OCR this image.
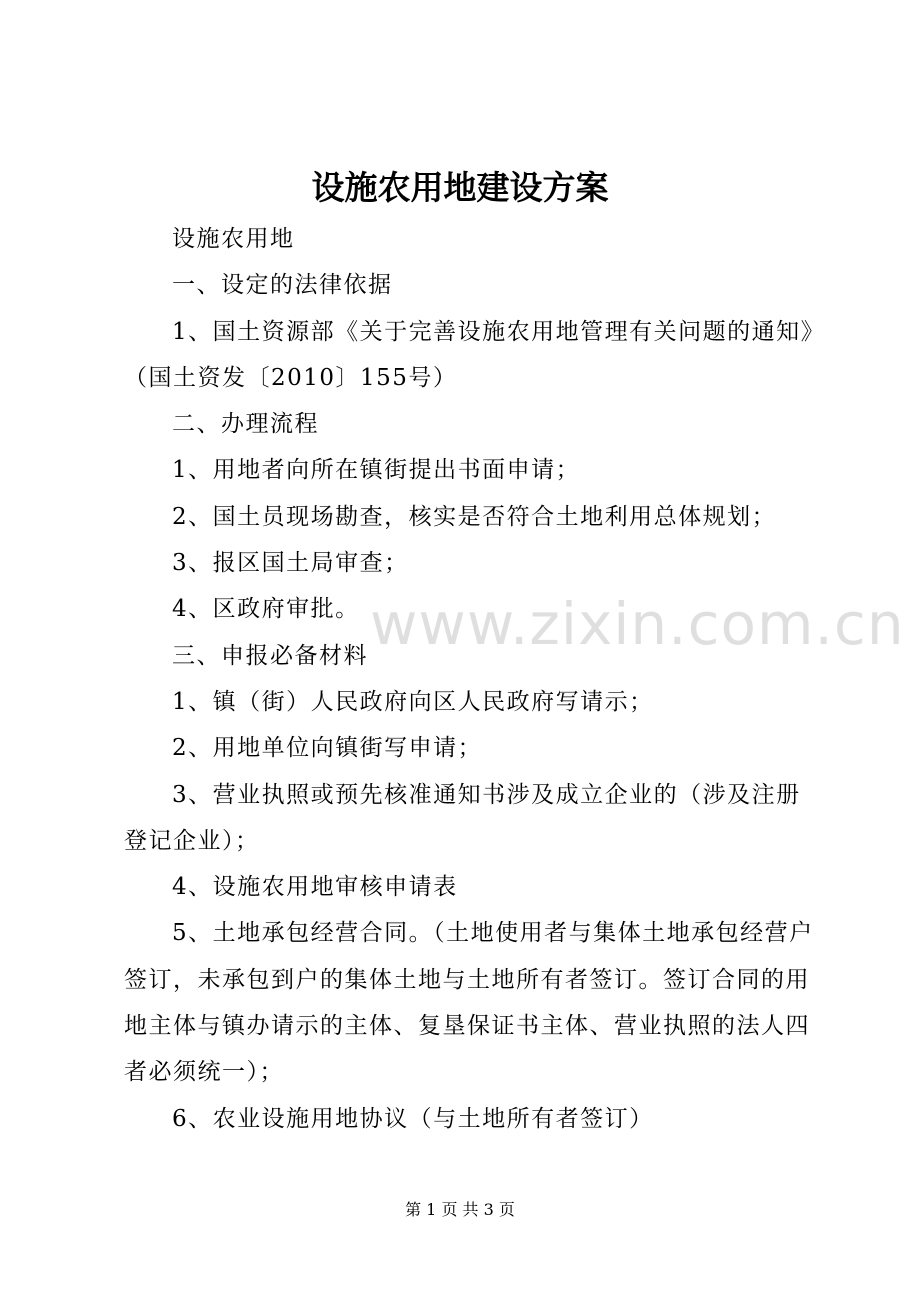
设施农用地建设方案

设施农用地

一、设定的法律依据

1、国土资源部《关于完善设施农用地管理有关问题的通知》（国土资发〔2010〕155号）

二、办理流程

1、用地者向所在镇街提出书面申请；

2、国土员现场勘查，核实是否符合土地利用总体规划；

3、报区国土局审查；

4、区政府审批。

三、申报必备材料

1、镇（街）人民政府向区人民政府写请示；

2、用地单位向镇街写申请；

3、营业执照或预先核准通知书涉及成立企业的（涉及注册登记企业）；

4、设施农用地审核申请表

5、土地承包经营合同。（土地使用者与集体土地承包经营户签订，未承包到户的集体土地与土地所有者签订。签订合同的用地主体与镇办请示的主体、复垦保证书主体、营业执照的法人四者必须统一）；

6、农业设施用地协议（与土地所有者签订）

www.zixin.com.cn
第 1 页 共 3 页
